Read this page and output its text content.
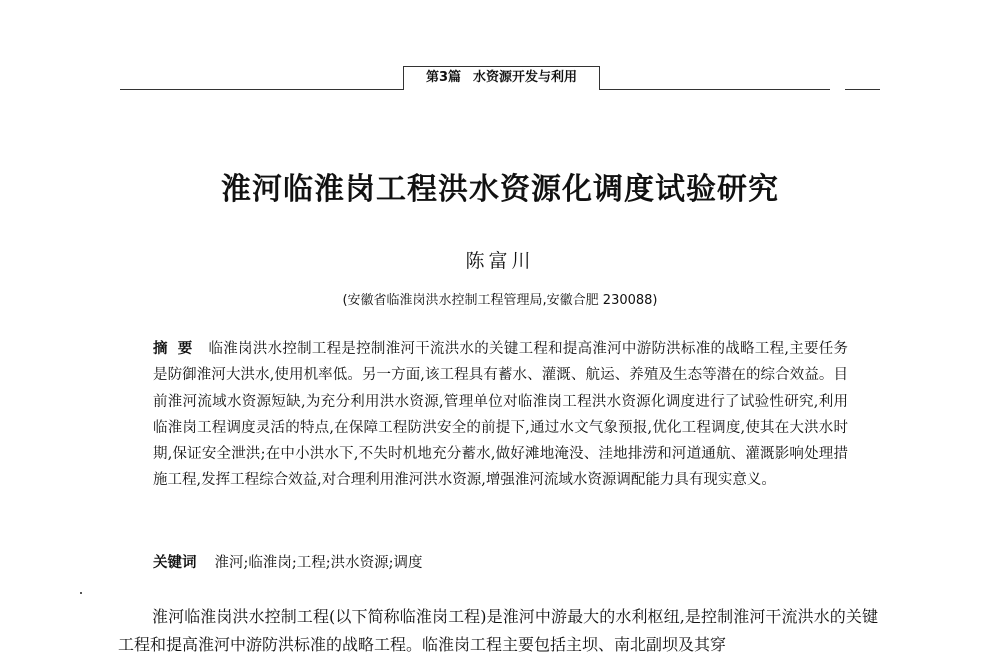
第3篇 水资源开发与利用
淮河临淮岗工程洪水资源化调度试验研究
陈富川
(安徽省临淮岗洪水控制工程管理局,安徽合肥 230088)
摘要 临淮岗洪水控制工程是控制淮河干流洪水的关键工程和提高淮河中游防洪标准的战略工程,主要任务是防御淮河大洪水,使用机率低。另一方面,该工程具有蓄水、灌溉、航运、养殖及生态等潜在的综合效益。目前淮河流域水资源短缺,为充分利用洪水资源,管理单位对临淮岗工程洪水资源化调度进行了试验性研究,利用临淮岗工程调度灵活的特点,在保障工程防洪安全的前提下,通过水文气象预报,优化工程调度,使其在大洪水时期,保证安全泄洪;在中小洪水下,不失时机地充分蓄水,做好滩地淹没、洼地排涝和河道通航、灌溉影响处理措施工程,发挥工程综合效益,对合理利用淮河洪水资源,增强淮河流域水资源调配能力具有现实意义。
关键词 淮河;临淮岗;工程;洪水资源;调度
淮河临淮岗洪水控制工程(以下简称临淮岗工程)是淮河中游最大的水利枢纽,是控制淮河干流洪水的关键工程和提高淮河中游防洪标准的战略工程。临淮岗工程主要包括主坝、南北副坝及其穿
